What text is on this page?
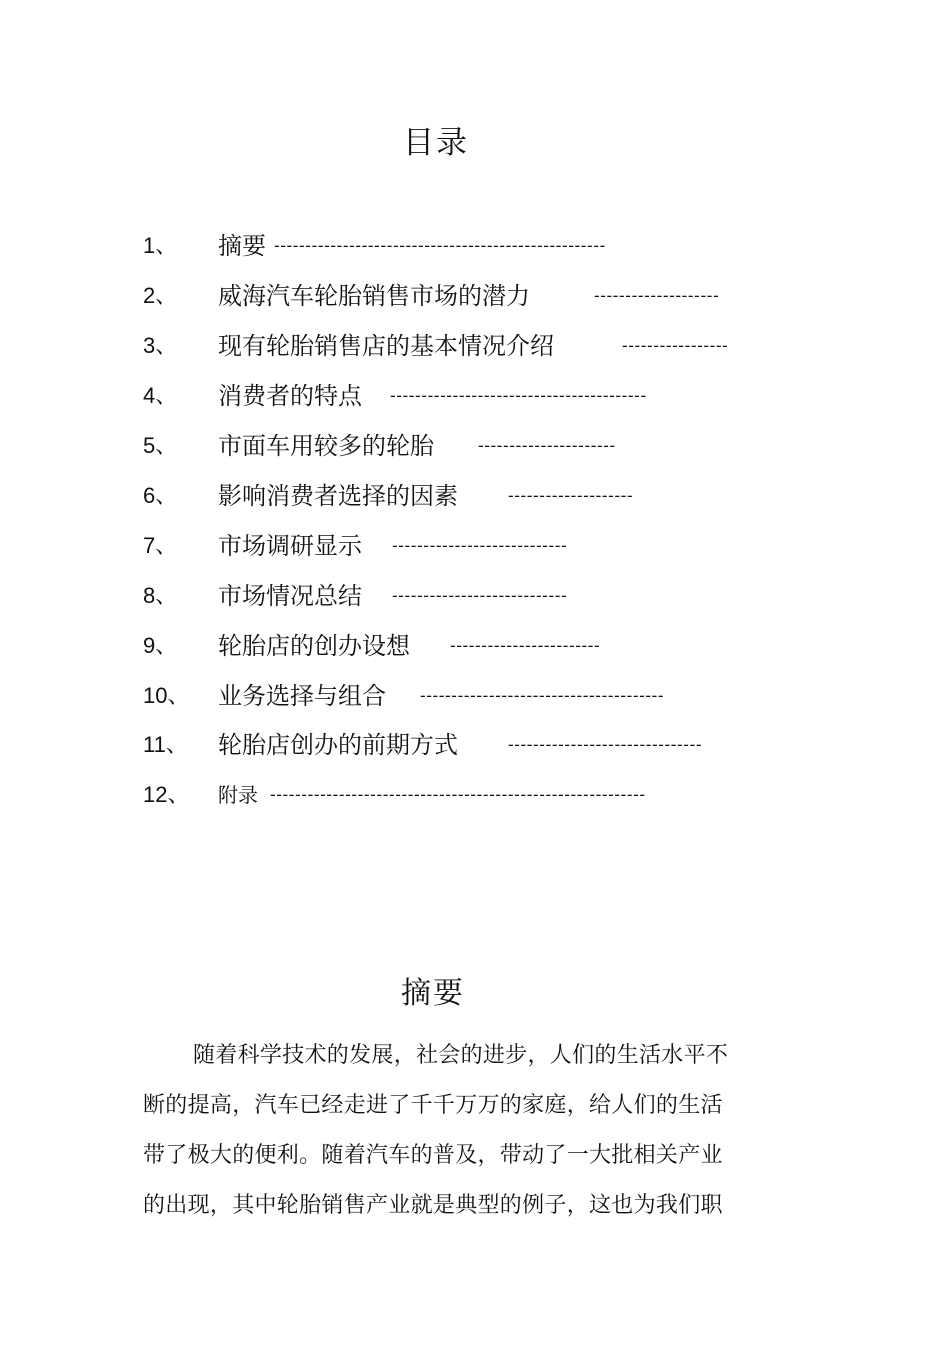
目录
1、 摘要 -----------------------------------------------------
2、 威海汽车轮胎销售市场的潜力	--------------------
3、 现有轮胎销售店的基本情况介绍	-----------------
4、 消费者的特点 -----------------------------------------
5、 市面车用较多的轮胎	----------------------
6、 影响消费者选择的因素	--------------------
7、 市场调研显示 ----------------------------
8、 市场情况总结 ----------------------------
9、 轮胎店的创办设想 ------------------------
10、 业务选择与组合 ---------------------------------------
11、 轮胎店创办的前期方式	-------------------------------
12、 附录 ------------------------------------------------------------
摘要
随着科学技术的发展，社会的进步，人们的生活水平不
断的提高，汽车已经走进了千千万万的家庭，给人们的生活
带了极大的便利。随着汽车的普及，带动了一大批相关产业
的出现，其中轮胎销售产业就是典型的例子，这也为我们职
